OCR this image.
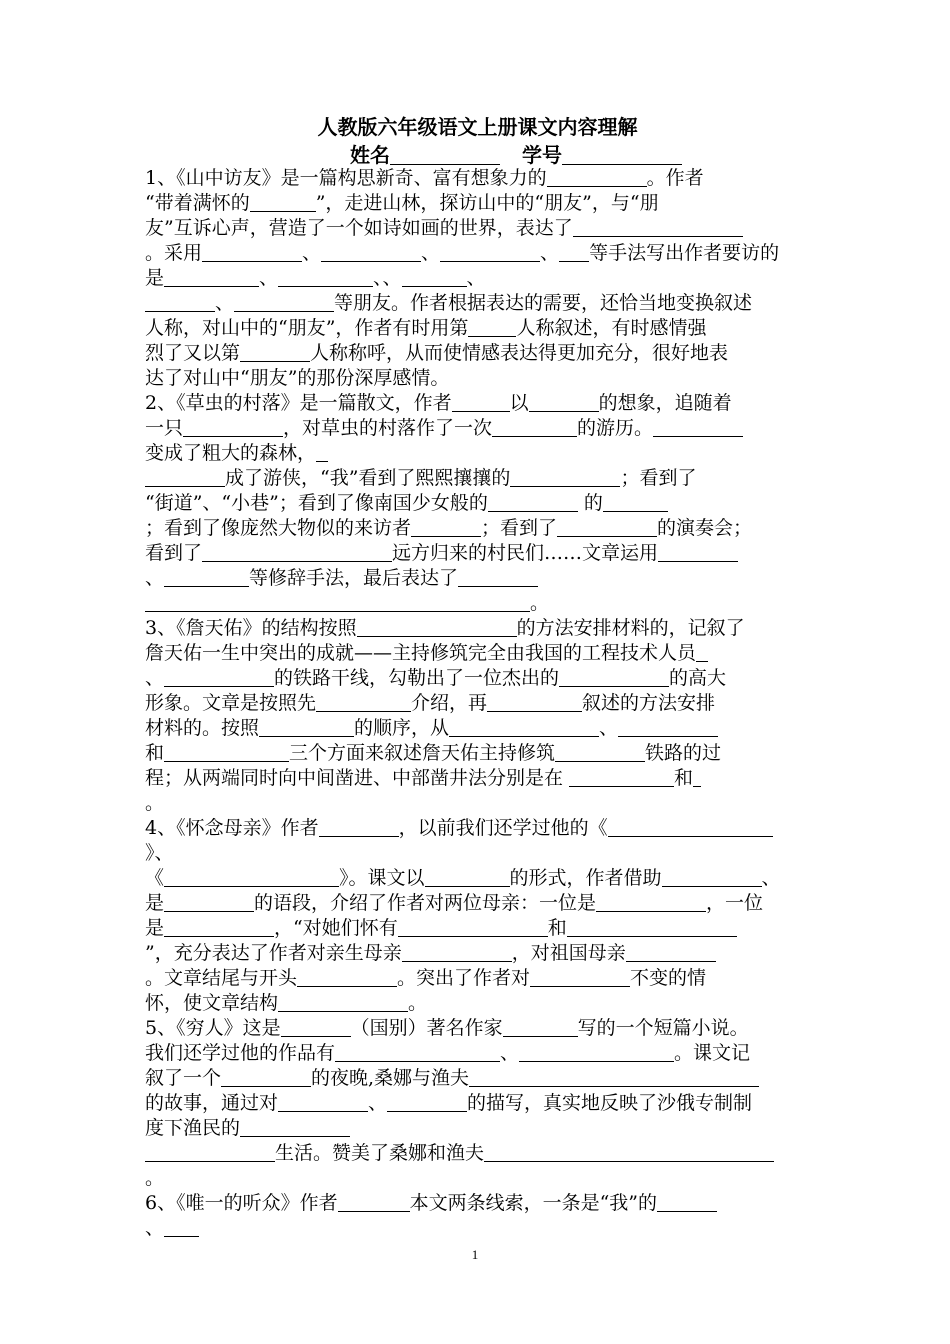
人教版六年级语文上册课文内容理解
姓名	学号
1、《山中访友》是一篇构思新奇、富有想象力的	。作者
“带着满怀的	”，走进山林，探访山中的“朋友”，与“朋
友”互诉心声，营造了一个如诗如画的世界，表达了
。采用	、	、	、 等手法写出作者要访的
是	、	、、	、
、	等朋友。作者根据表达的需要，还恰当地变换叙述
人称，对山中的“朋友”，作者有时用第	人称叙述，有时感情强
烈了又以第	人称称呼，从而使情感表达得更加充分，很好地表
达了对山中“朋友”的那份深厚感情。
2、《草虫的村落》是一篇散文，作者	以	的想象，追随着
一只	，对草虫的村落作了一次	的游历。
变成了粗大的森林，
成了游侠，“我”看到了熙熙攘攘的	；看到了
“街道”、“小巷”；看到了像南国少女般的	的
；看到了像庞然大物似的来访者	；看到了	的演奏会；
看到了	远方归来的村民们……文章运用
、	等修辞手法，最后表达了
。
3、《詹天佑》的结构按照	的方法安排材料的，记叙了
詹天佑一生中突出的成就——主持修筑完全由我国的工程技术人员
、	的铁路干线，勾勒出了一位杰出的	的高大
形象。文章是按照先	介绍，再	叙述的方法安排
材料的。按照	的顺序，从	、
和	三个方面来叙述詹天佑主持修筑	铁路的过
程；从两端同时向中间凿进、中部凿井法分别是在	和
。
4、《怀念母亲》作者	，以前我们还学过他的《
》、
《	》。课文以	的形式，作者借助	、
是	的语段，介绍了作者对两位母亲：一位是	，一位
是	，“对她们怀有	和
”，充分表达了作者对亲生母亲	，对祖国母亲
。文章结尾与开头	。突出了作者对	不变的情
怀，使文章结构	。
5、《穷人》这是	（国别）著名作家	写的一个短篇小说。
我们还学过他的作品有	、	。课文记
叙了一个	的夜晚,桑娜与渔夫
的故事，通过对	、	的描写，真实地反映了沙俄专制制
度下渔民的
生活。赞美了桑娜和渔夫
。
6、《唯一的听众》作者	本文两条线索，一条是“我”的
、
1
